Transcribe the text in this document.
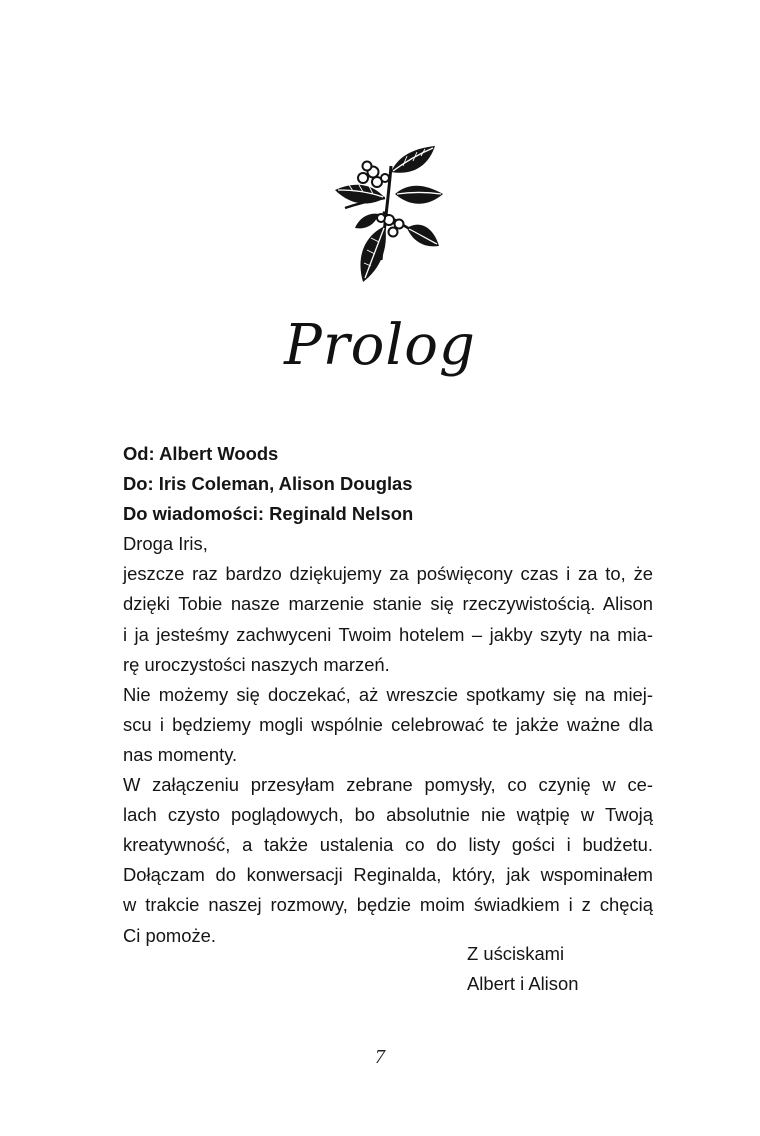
Prolog
Od: Albert Woods
Do: Iris Coleman, Alison Douglas
Do wiadomości: Reginald Nelson
Droga Iris,
jeszcze raz bardzo dziękujemy za poświęcony czas i za to, że
dzięki Tobie nasze marzenie stanie się rzeczywistością. Alison
i ja jesteśmy zachwyceni Twoim hotelem – jakby szyty na mia-
rę uroczystości naszych marzeń.
Nie możemy się doczekać, aż wreszcie spotkamy się na miej-
scu i będziemy mogli wspólnie celebrować te jakże ważne dla
nas momenty.
W załączeniu przesyłam zebrane pomysły, co czynię w ce-
lach czysto poglądowych, bo absolutnie nie wątpię w Twoją
kreatywność, a także ustalenia co do listy gości i budżetu.
Dołączam do konwersacji Reginalda, który, jak wspominałem
w trakcie naszej rozmowy, będzie moim świadkiem i z chęcią
Ci pomoże.
Z uściskami
Albert i Alison
7
